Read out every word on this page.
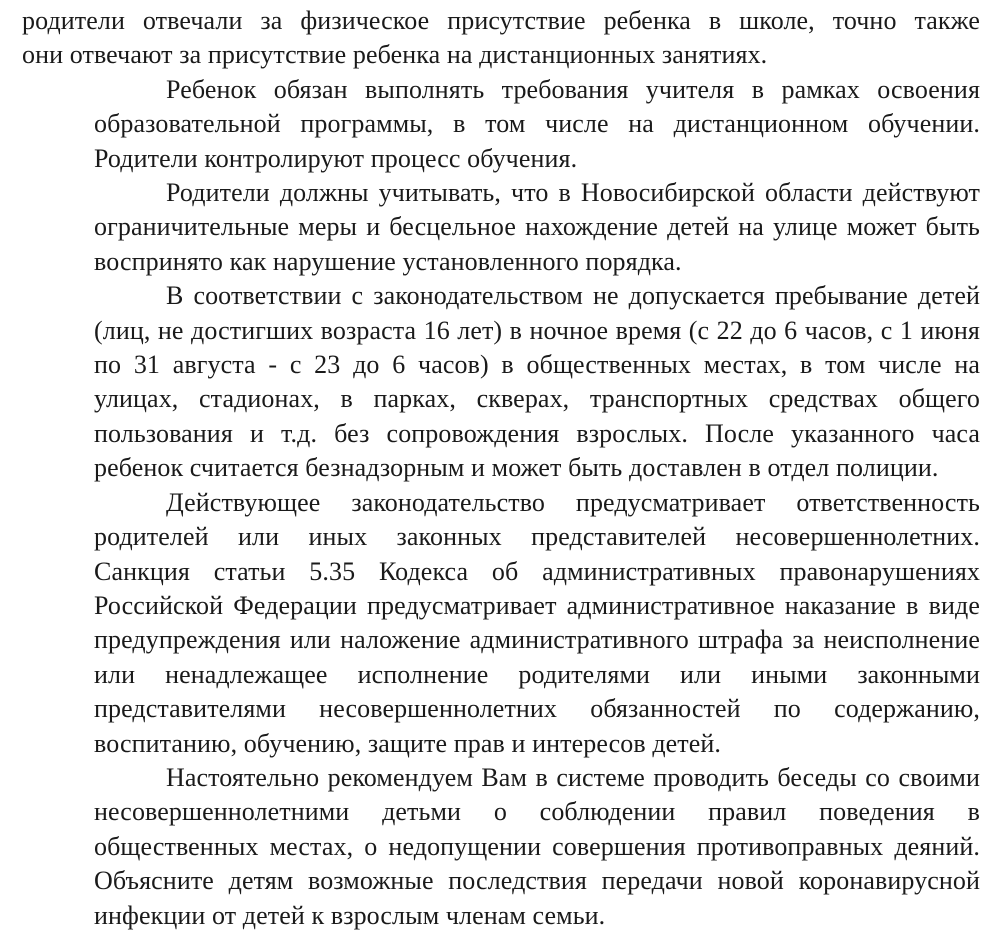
родители отвечали за физическое присутствие ребенка в школе, точно также
они отвечают за присутствие ребенка на дистанционных занятиях.
Ребенок обязан выполнять требования учителя в рамках освоения
образовательной программы, в том числе на дистанционном обучении.
Родители контролируют процесс обучения.
Родители должны учитывать, что в Новосибирской области действуют
ограничительные меры и бесцельное нахождение детей на улице может быть
воспринято как нарушение установленного порядка.
В соответствии с законодательством не допускается пребывание детей
(лиц, не достигших возраста 16 лет) в ночное время (с 22 до 6 часов, с 1 июня
по 31 августа - с 23 до 6 часов) в общественных местах, в том числе на
улицах, стадионах, в парках, скверах, транспортных средствах общего
пользования и т.д. без сопровождения взрослых. После указанного часа
ребенок считается безнадзорным и может быть доставлен в отдел полиции.
Действующее законодательство предусматривает ответственность
родителей или иных законных представителей несовершеннолетних.
Санкция статьи 5.35 Кодекса об административных правонарушениях
Российской Федерации предусматривает административное наказание в виде
предупреждения или наложение административного штрафа за неисполнение
или ненадлежащее исполнение родителями или иными законными
представителями несовершеннолетних обязанностей по содержанию,
воспитанию, обучению, защите прав и интересов детей.
Настоятельно рекомендуем Вам в системе проводить беседы со своими
несовершеннолетними детьми о соблюдении правил поведения в
общественных местах, о недопущении совершения противоправных деяний.
Объясните детям возможные последствия передачи новой коронавирусной
инфекции от детей к взрослым членам семьи.
